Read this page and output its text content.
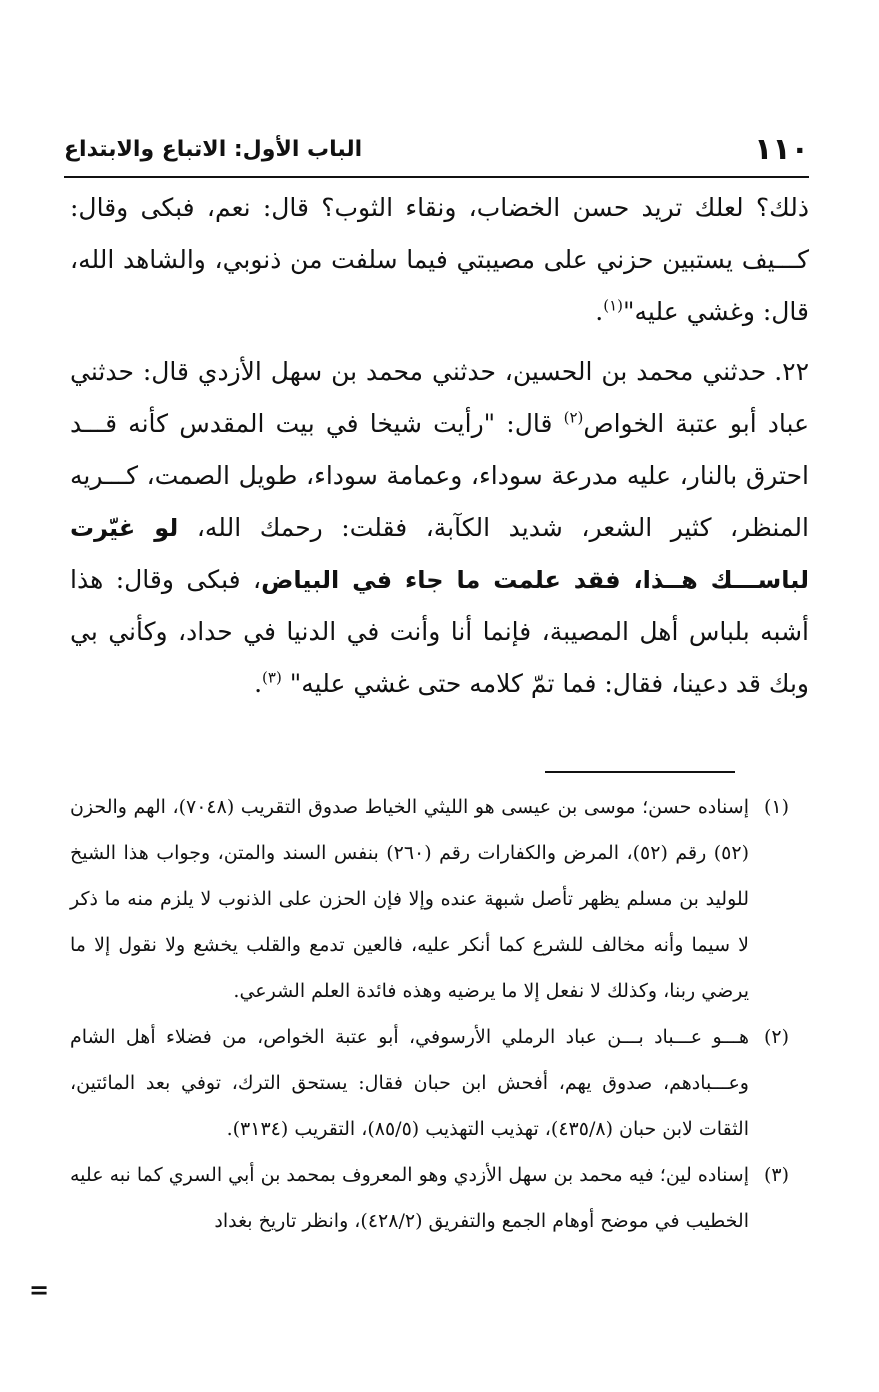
١١٠
الباب الأول: الاتباع والابتداع

ذلك؟ لعلك تريد حسن الخضاب، ونقاء الثوب؟ قال: نعم، فبكى وقال: كـــيف يستبين حزني على مصيبتي فيما سلفت من ذنوبي، والشاهد الله، قال: وغشي عليه"$^{(١)}$.

٢٢.حدثني محمد بن الحسين، حدثني محمد بن سهل الأزدي قال: حدثني عباد أبو عتبة الخواص$^{(٢)}$ قال: "رأيت شيخا في بيت المقدس كأنه قـــد احترق بالنار، عليه مدرعة سوداء، وعمامة سوداء، طويل الصمت، كـــريه المنظر، كثير الشعر، شديد الكآبة، فقلت: رحمك الله، لو غيّرت لباســـك هــذا، فقد علمت ما جاء في البياض، فبكى وقال: هذا أشبه بلباس أهل المصيبة، فإنما أنا وأنت في الدنيا في حداد، وكأني بي وبك قد دعينا، فقال: فما تمّ كلامه حتى غشي عليه" $^{(٣)}$.

(١)
إسناده حسن؛ موسى بن عيسى هو الليثي الخياط صدوق التقريب (٧٠٤٨)، الهم والحزن (٥٢) رقم (٥٢)، المرض والكفارات رقم (٢٦٠) بنفس السند والمتن، وجواب هذا الشيخ للوليد بن مسلم يظهر تأصل شبهة عنده وإلا فإن الحزن على الذنوب لا يلزم منه ما ذكر لا سيما وأنه مخالف للشرع كما أنكر عليه، فالعين تدمع والقلب يخشع ولا نقول إلا ما يرضي ربنا، وكذلك لا نفعل إلا ما يرضيه وهذه فائدة العلم الشرعي.

(٢)
هـــو عـــباد بـــن عباد الرملي الأرسوفي، أبو عتبة الخواص، من فضلاء أهل الشام وعـــبادهم، صدوق يهم، أفحش ابن حبان فقال: يستحق الترك، توفي بعد المائتين، الثقات لابن حبان (٤٣٥/٨)، تهذيب التهذيب (٨٥/٥)، التقريب (٣١٣٤).

(٣)
إسناده لين؛ فيه محمد بن سهل الأزدي وهو المعروف بمحمد بن أبي السري كما نبه عليه الخطيب في موضح أوهام الجمع والتفريق (٤٢٨/٢)، وانظر تاريخ بغداد

=
